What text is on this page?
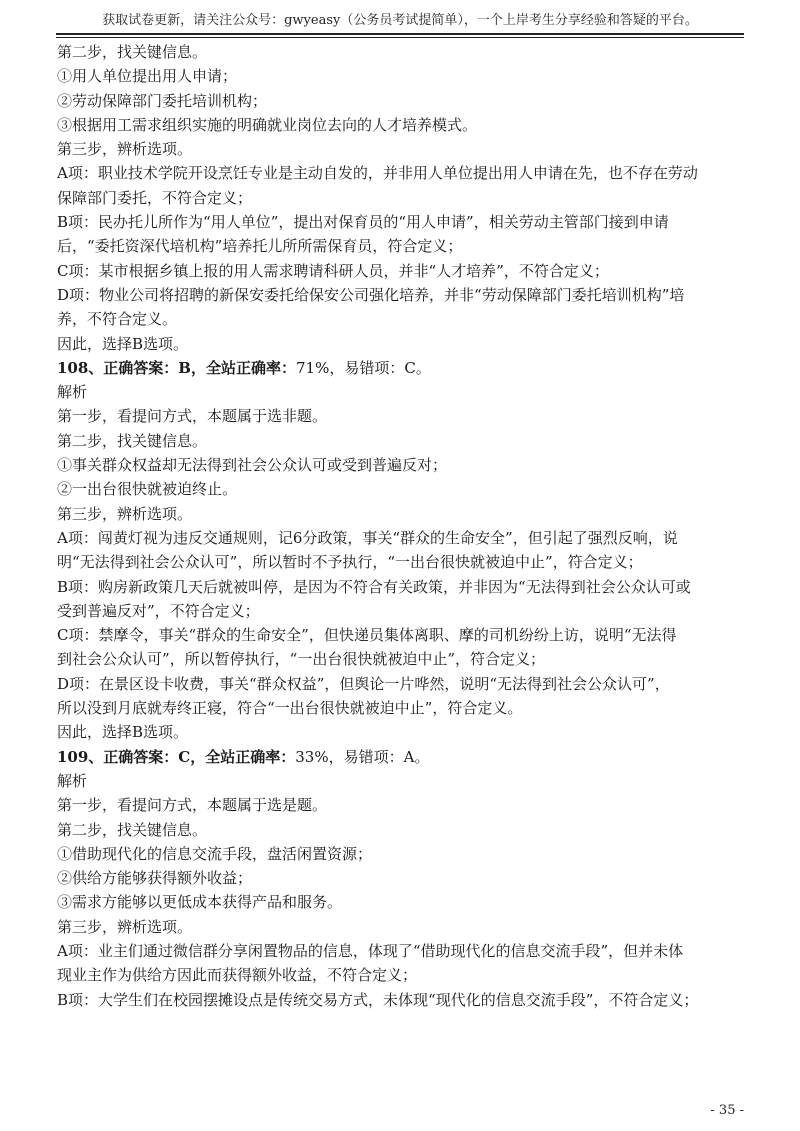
获取试卷更新，请关注公众号：gwyeasy（公务员考试提简单），一个上岸考生分享经验和答疑的平台。
第二步，找关键信息。
①用人单位提出用人申请；
②劳动保障部门委托培训机构；
③根据用工需求组织实施的明确就业岗位去向的人才培养模式。
第三步，辨析选项。
A项：职业技术学院开设烹饪专业是主动自发的，并非用人单位提出用人申请在先，也不存在劳动
保障部门委托，不符合定义；
B项：民办托儿所作为“用人单位”，提出对保育员的“用人申请”，相关劳动主管部门接到申请
后，“委托资深代培机构”培养托儿所所需保育员，符合定义；
C项：某市根据乡镇上报的用人需求聘请科研人员，并非“人才培养”，不符合定义；
D项：物业公司将招聘的新保安委托给保安公司强化培养，并非“劳动保障部门委托培训机构”培
养，不符合定义。
因此，选择B选项。
108、正确答案：B，全站正确率：71%，易错项：C。
解析
第一步，看提问方式，本题属于选非题。
第二步，找关键信息。
①事关群众权益却无法得到社会公众认可或受到普遍反对；
②一出台很快就被迫终止。
第三步，辨析选项。
A项：闯黄灯视为违反交通规则，记6分政策，事关“群众的生命安全”，但引起了强烈反响，说
明“无法得到社会公众认可”，所以暂时不予执行，“一出台很快就被迫中止”，符合定义；
B项：购房新政策几天后就被叫停，是因为不符合有关政策，并非因为“无法得到社会公众认可或
受到普遍反对”，不符合定义；
C项：禁摩令，事关“群众的生命安全”，但快递员集体离职、摩的司机纷纷上访，说明“无法得
到社会公众认可”，所以暂停执行，“一出台很快就被迫中止”，符合定义；
D项：在景区设卡收费，事关“群众权益”，但舆论一片哗然，说明“无法得到社会公众认可”，
所以没到月底就寿终正寝，符合“一出台很快就被迫中止”，符合定义。
因此，选择B选项。
109、正确答案：C，全站正确率：33%，易错项：A。
解析
第一步，看提问方式，本题属于选是题。
第二步，找关键信息。
①借助现代化的信息交流手段，盘活闲置资源；
②供给方能够获得额外收益；
③需求方能够以更低成本获得产品和服务。
第三步，辨析选项。
A项：业主们通过微信群分享闲置物品的信息，体现了“借助现代化的信息交流手段”，但并未体
现业主作为供给方因此而获得额外收益，不符合定义；
B项：大学生们在校园摆摊设点是传统交易方式，未体现“现代化的信息交流手段”，不符合定义；
- 35 -
